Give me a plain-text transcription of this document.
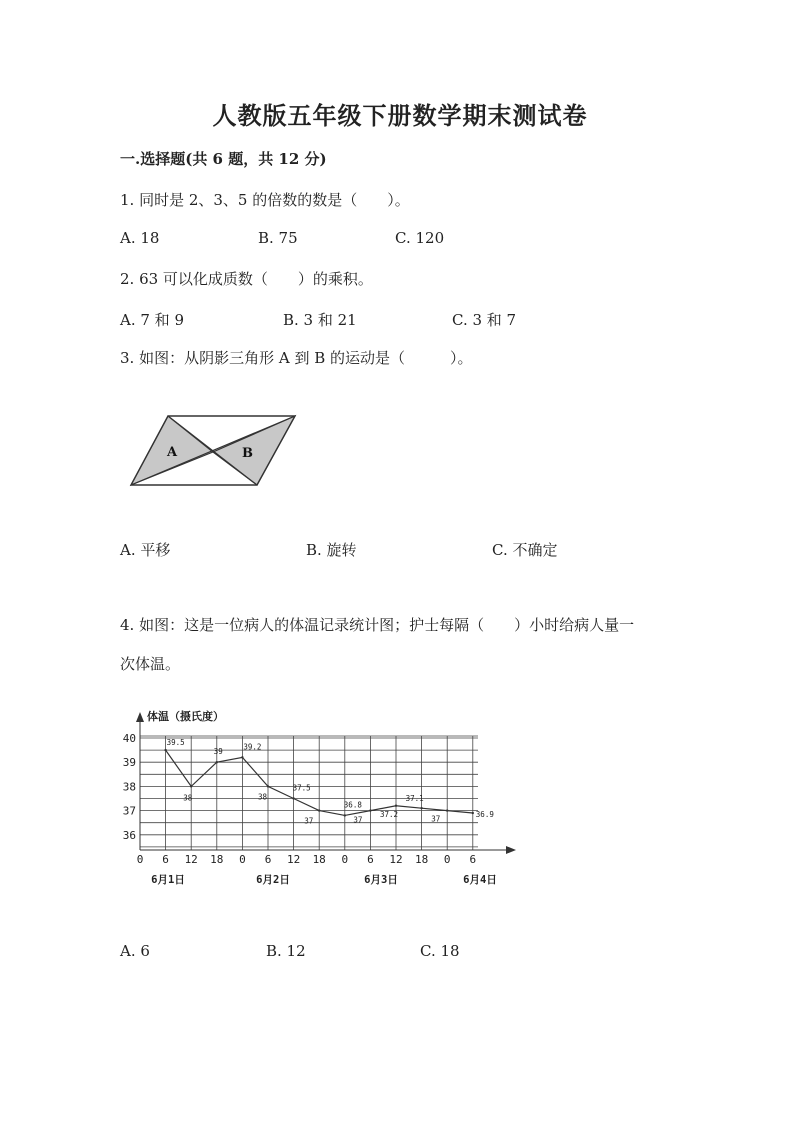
人教版五年级下册数学期末测试卷
一.选择题(共 6 题，共 12 分)
1. 同时是 2、3、5 的倍数的数是（　　）。
A. 18	B. 75	C. 120
2. 63 可以化成质数（　　）的乘积。
A. 7 和 9	B. 3 和 21	C. 3 和 7
3. 如图：从阴影三角形 A 到 B 的运动是（　　　）。
A	B
A. 平移	B. 旋转	C. 不确定
4. 如图：这是一位病人的体温记录统计图；护士每隔（　　）小时给病人量一
次体温。
体温（摄氏度）
36
37
38
39
40
0 6 12 18 0 6 12 18 0 6 12 18 0 6
6月1日	6月2日	6月3日	6月4日
39.5
38
39
39.2
38
37.5
37
36.8
37
37.2
37.1
37
36.9
A. 6	B. 12	C. 18
